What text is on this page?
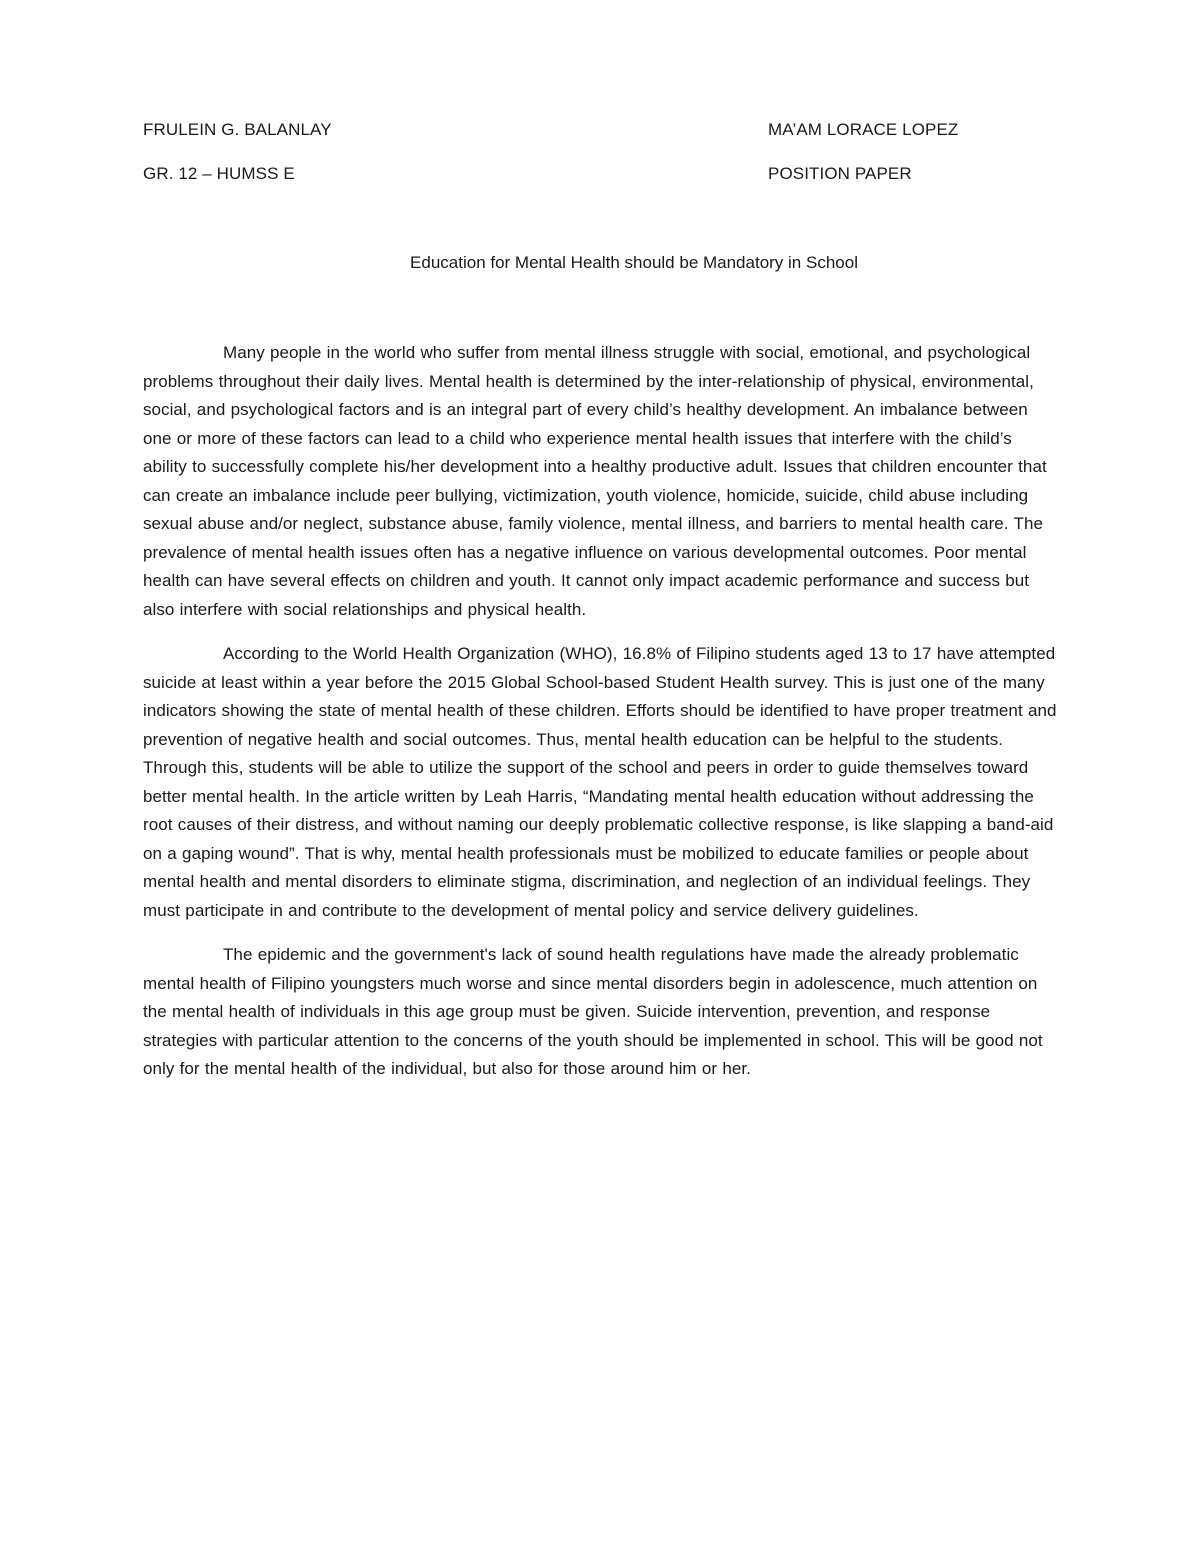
FRULEIN G. BALANLAY
GR. 12 – HUMSS E
MA’AM LORACE LOPEZ
POSITION PAPER
Education for Mental Health should be Mandatory in School

Many people in the world who suffer from mental illness struggle with social, emotional, and psychological problems throughout their daily lives. Mental health is determined by the inter-relationship of physical, environmental, social, and psychological factors and is an integral part of every child’s healthy development. An imbalance between one or more of these factors can lead to a child who experience mental health issues that interfere with the child’s ability to successfully complete his/her development into a healthy productive adult. Issues that children encounter that can create an imbalance include peer bullying, victimization, youth violence, homicide, suicide, child abuse including sexual abuse and/or neglect, substance abuse, family violence, mental illness, and barriers to mental health care. The prevalence of mental health issues often has a negative influence on various developmental outcomes. Poor mental health can have several effects on children and youth. It cannot only impact academic performance and success but also interfere with social relationships and physical health.

According to the World Health Organization (WHO), 16.8% of Filipino students aged 13 to 17 have attempted suicide at least within a year before the 2015 Global School-based Student Health survey. This is just one of the many indicators showing the state of mental health of these children. Efforts should be identified to have proper treatment and prevention of negative health and social outcomes. Thus, mental health education can be helpful to the students. Through this, students will be able to utilize the support of the school and peers in order to guide themselves toward better mental health. In the article written by Leah Harris, “Mandating mental health education without addressing the root causes of their distress, and without naming our deeply problematic collective response, is like slapping a band-aid on a gaping wound”. That is why, mental health professionals must be mobilized to educate families or people about mental health and mental disorders to eliminate stigma, discrimination, and neglection of an individual feelings. They must participate in and contribute to the development of mental policy and service delivery guidelines.

The epidemic and the government's lack of sound health regulations have made the already problematic mental health of Filipino youngsters much worse and since mental disorders begin in adolescence, much attention on the mental health of individuals in this age group must be given. Suicide intervention, prevention, and response strategies with particular attention to the concerns of the youth should be implemented in school. This will be good not only for the mental health of the individual, but also for those around him or her.
